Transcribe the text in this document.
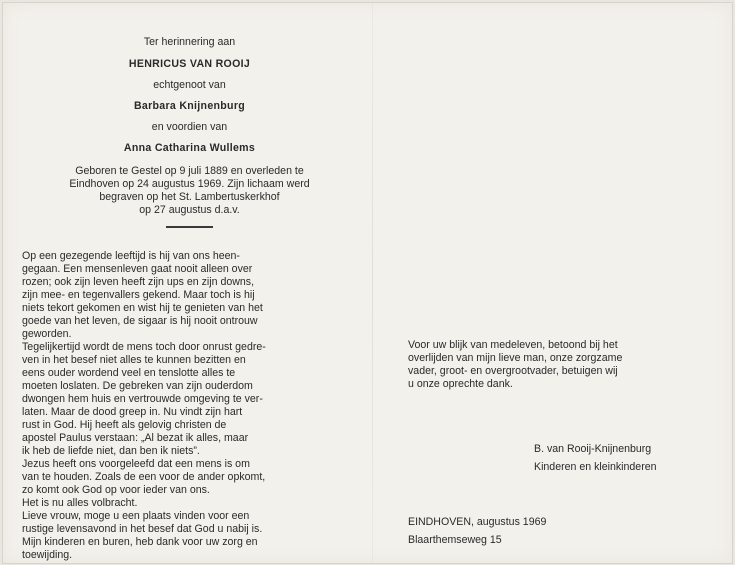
Ter herinnering aan

HENRICUS VAN ROOIJ

echtgenoot van

Barbara Knijnenburg

en voordien van

Anna Catharina Wullems

Geboren te Gestel op 9 juli 1889 en overleden te

Eindhoven op 24 augustus 1969. Zijn lichaam werd

begraven op het St. Lambertuskerkhof

op 27 augustus d.a.v.

Op een gezegende leeftijd is hij van ons heen-
gegaan. Een mensenleven gaat nooit alleen over
rozen; ook zijn leven heeft zijn ups en zijn downs,
zijn mee- en tegenvallers gekend. Maar toch is hij
niets tekort gekomen en wist hij te genieten van het
goede van het leven, de sigaar is hij nooit ontrouw
geworden.
Tegelijkertijd wordt de mens toch door onrust gedre-
ven in het besef niet alles te kunnen bezitten en
eens ouder wordend veel en tenslotte alles te
moeten loslaten. De gebreken van zijn ouderdom
dwongen hem huis en vertrouwde omgeving te ver-
laten. Maar de dood greep in. Nu vindt zijn hart
rust in God. Hij heeft als gelovig christen de
apostel Paulus verstaan: „Al bezat ik alles, maar
ik heb de liefde niet, dan ben ik niets”.
Jezus heeft ons voorgeleefd dat een mens is om
van te houden. Zoals de een voor de ander opkomt,
zo komt ook God op voor ieder van ons.
Het is nu alles volbracht.
Lieve vrouw, moge u een plaats vinden voor een
rustige levensavond in het besef dat God u nabij is.
Mijn kinderen en buren, heb dank voor uw zorg en
toewijding.

Voor uw blijk van medeleven, betoond bij het

overlijden van mijn lieve man, onze zorgzame

vader, groot- en overgrootvader, betuigen wij

u onze oprechte dank.

B. van Rooij-Knijnenburg

Kinderen en kleinkinderen

EINDHOVEN, augustus 1969

Blaarthemseweg 15
